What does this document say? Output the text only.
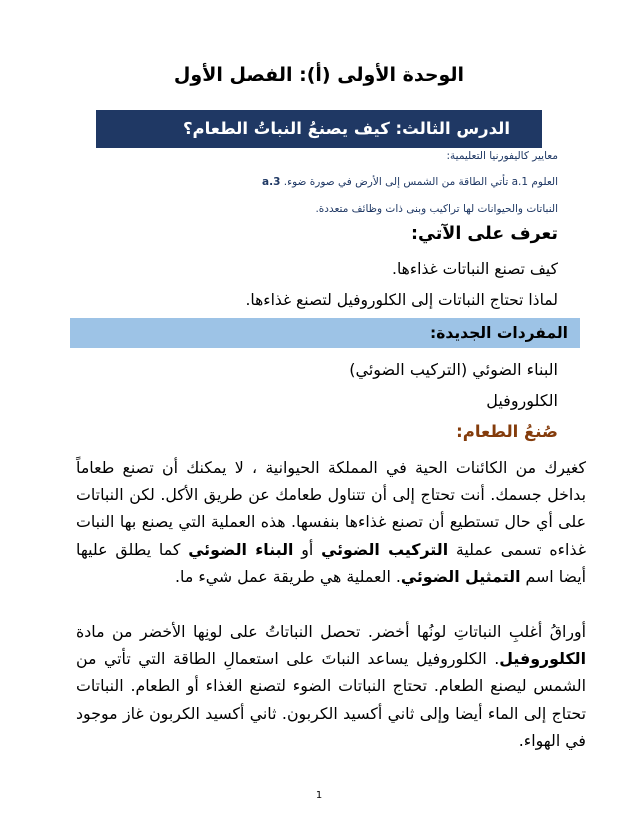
الوحدة الأولى (أ): الفصل الأول
الدرس الثالث: كيف يصنعُ النباتُ الطعام؟

معايير كاليفورنيا التعليمية:

العلوم 1.a تأتي الطاقة من الشمس إلى الأرض في صورة ضوء. 3.a

النباتات والحيوانات لها تراكيب وبنى ذات وظائف متعددة.

تعرف على الآتي:
كيف تصنع النباتات غذاءها.
لماذا تحتاج النباتات إلى الكلوروفيل لتصنع غذاءها.
المفردات الجديدة:

البناء الضوئي (التركيب الضوئي)

الكلوروفيل

صُنعُ الطعام:

كغيرك من الكائنات الحية في المملكة الحيوانية ، لا يمكنك أن تصنع طعاماً بداخل جسمك. أنت تحتاج إلى أن تتناول طعامك عن طريق الأكل. لكن النباتات على أي حال تستطيع أن تصنع غذاءها بنفسها. هذه العملية التي يصنع بها النبات غذاءه تسمى عملية التركيب الضوئي أو البناء الضوئي كما يطلق عليها أيضا اسم التمثيل الضوئي. العملية هي طريقة عمل شيء ما.

أوراقُ أغلبِ النباتاتِ لونُها أخضر. تحصل النباتاتُ على لونِها الأخضر من مادة الكلوروفيل. الكلوروفيل يساعد النباتَ على استعمالِ الطاقة التي تأتي من الشمس ليصنع الطعام. تحتاج النباتات الضوء لتصنع الغذاء أو الطعام. النباتات تحتاج إلى الماء أيضا وإلى ثاني أكسيد الكربون. ثاني أكسيد الكربون غاز موجود في الهواء.

1
